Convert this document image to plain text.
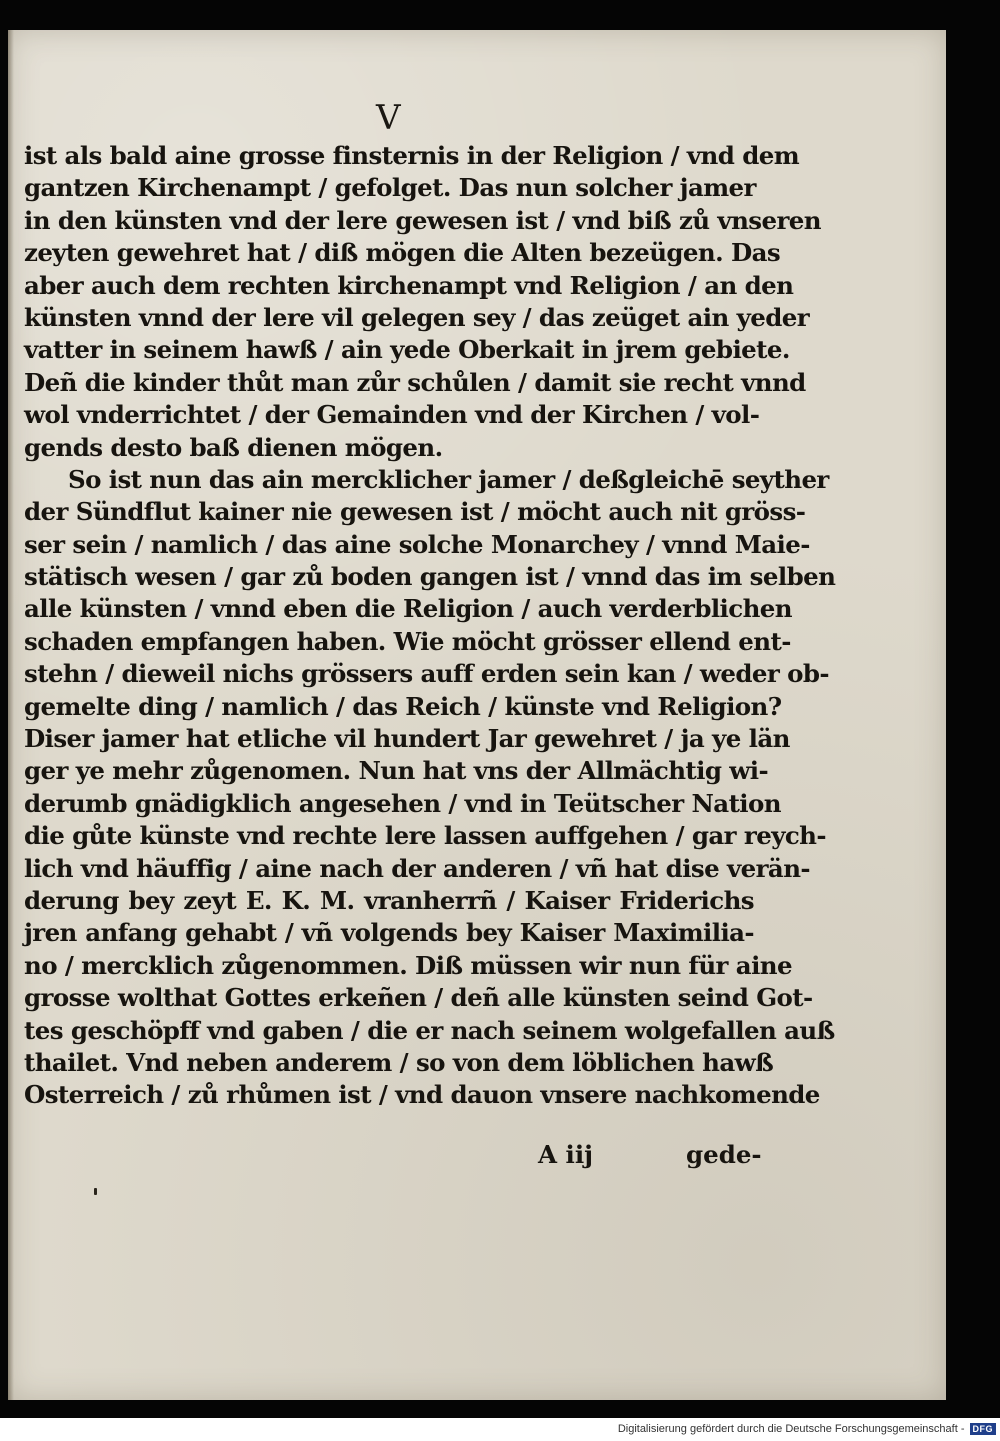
V
ist als bald aine grosse finsternis in der Religion / vnd dem
gantzen Kirchenampt / gefolget. Das nun solcher jamer
in den künsten vnd der lere gewesen ist / vnd biß zů vnseren
zeyten gewehret hat / diß mögen die Alten bezeügen. Das
aber auch dem rechten kirchenampt vnd Religion / an den
künsten vnnd der lere vil gelegen sey / das zeüget ain yeder
vatter in seinem hawß / ain yede Oberkait in jrem gebiete.
Deñ die kinder thůt man zůr schůlen / damit sie recht vnnd
wol vnderrichtet / der Gemainden vnd der Kirchen / vol-
gends desto baß dienen mögen.
So ist nun das ain mercklicher jamer / deßgleichē seyther
der Sündflut kainer nie gewesen ist / möcht auch nit gröss-
ser sein / namlich / das aine solche Monarchey / vnnd Maie-
stätisch wesen / gar zů boden gangen ist / vnnd das im selben
alle künsten / vnnd eben die Religion / auch verderblichen
schaden empfangen haben. Wie möcht grösser ellend ent-
stehn / dieweil nichs grössers auff erden sein kan / weder ob-
gemelte ding / namlich / das Reich / künste vnd Religion?
Diser jamer hat etliche vil hundert Jar gewehret / ja ye län
ger ye mehr zůgenomen. Nun hat vns der Allmächtig wi-
derumb gnädigklich angesehen / vnd in Teütscher Nation
die gůte künste vnd rechte lere lassen auffgehen / gar reych-
lich vnd häuffig / aine nach der anderen / vñ hat dise verän-
derung bey zeyt E. K. M. vranherrñ / Kaiser Friderichs
jren anfang gehabt / vñ volgends bey Kaiser Maximilia-
no / mercklich zůgenommen. Diß müssen wir nun für aine
grosse wolthat Gottes erkeñen / deñ alle künsten seind Got-
tes geschöpff vnd gaben / die er nach seinem wolgefallen auß
thailet. Vnd neben anderem / so von dem löblichen hawß
Osterreich / zů rhůmen ist / vnd dauon vnsere nachkomende
A iij	gede-
Digitalisierung gefördert durch die Deutsche Forschungsgemeinschaft - DFG
